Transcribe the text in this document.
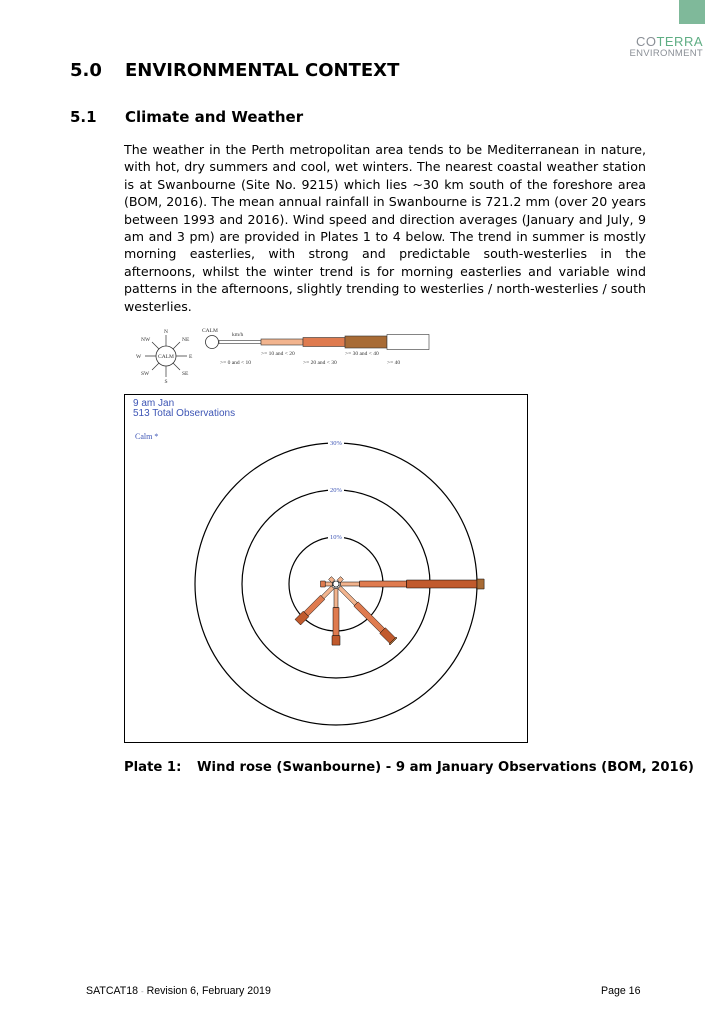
COTERRA
ENVIRONMENT
5.0 ENVIRONMENTAL CONTEXT
5.1 Climate and Weather
The weather in the Perth metropolitan area tends to be Mediterranean in nature, with hot, dry summers and cool, wet winters. The nearest coastal weather station is at Swanbourne (Site No. 9215) which lies ~30 km south of the foreshore area (BOM, 2016). The mean annual rainfall in Swanbourne is 721.2 mm (over 20 years between 1993 and 2016). Wind speed and direction averages (January and July, 9 am and 3 pm) are provided in Plates 1 to 4 below. The trend in summer is mostly morning easterlies, with strong and predictable south-westerlies in the afternoons, whilst the winter trend is for morning easterlies and variable wind patterns in the afternoons, slightly trending to westerlies / north-westerlies / south westerlies.
CALM
N
NE
E
SE
S
SW
W
NW
CALM
km/h
>= 10 and < 20	>= 30 and < 40
>= 0 and < 10	>= 20 and < 30	>= 40
9 am Jan
513 Total Observations
Calm *
10%
20%
30%
Plate 1: Wind rose (Swanbourne) - 9 am January Observations (BOM, 2016)
SATCAT18 - Revision 6, February 2019	Page 16
